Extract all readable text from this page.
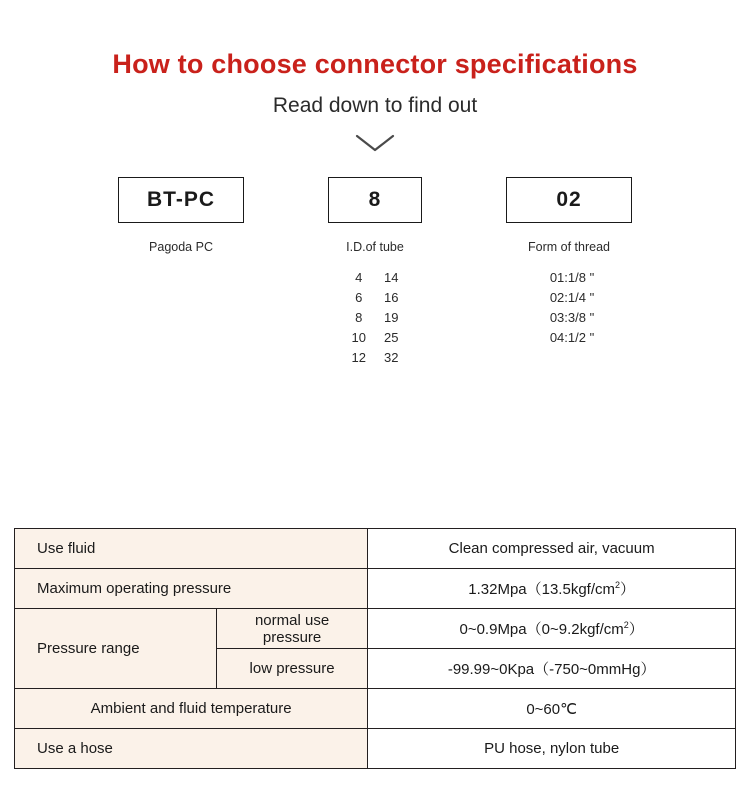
How to choose connector specifications
Read down to find out
BT-PC
Pagoda PC
8
I.D.of tube
4 14
6 16
8 19
10 25
12 32
02
Form of thread
01:1/8 "
02:1/4 "
03:3/8 "
04:1/2 "
Use fluid		Clean compressed air, vacuum
Maximum operating pressure		$1.32Mpa(13.5kgf/cm^2)$
Pressure range	normal use pressure	$0\sim 0.9Mpa(0\sim 9.2kgf/cm^2)$
	low pressure	-99.99~0Kpa（-750~0mmHg）
Ambient and fluid temperature		0~60℃
Use a hose		PU hose, nylon tube
